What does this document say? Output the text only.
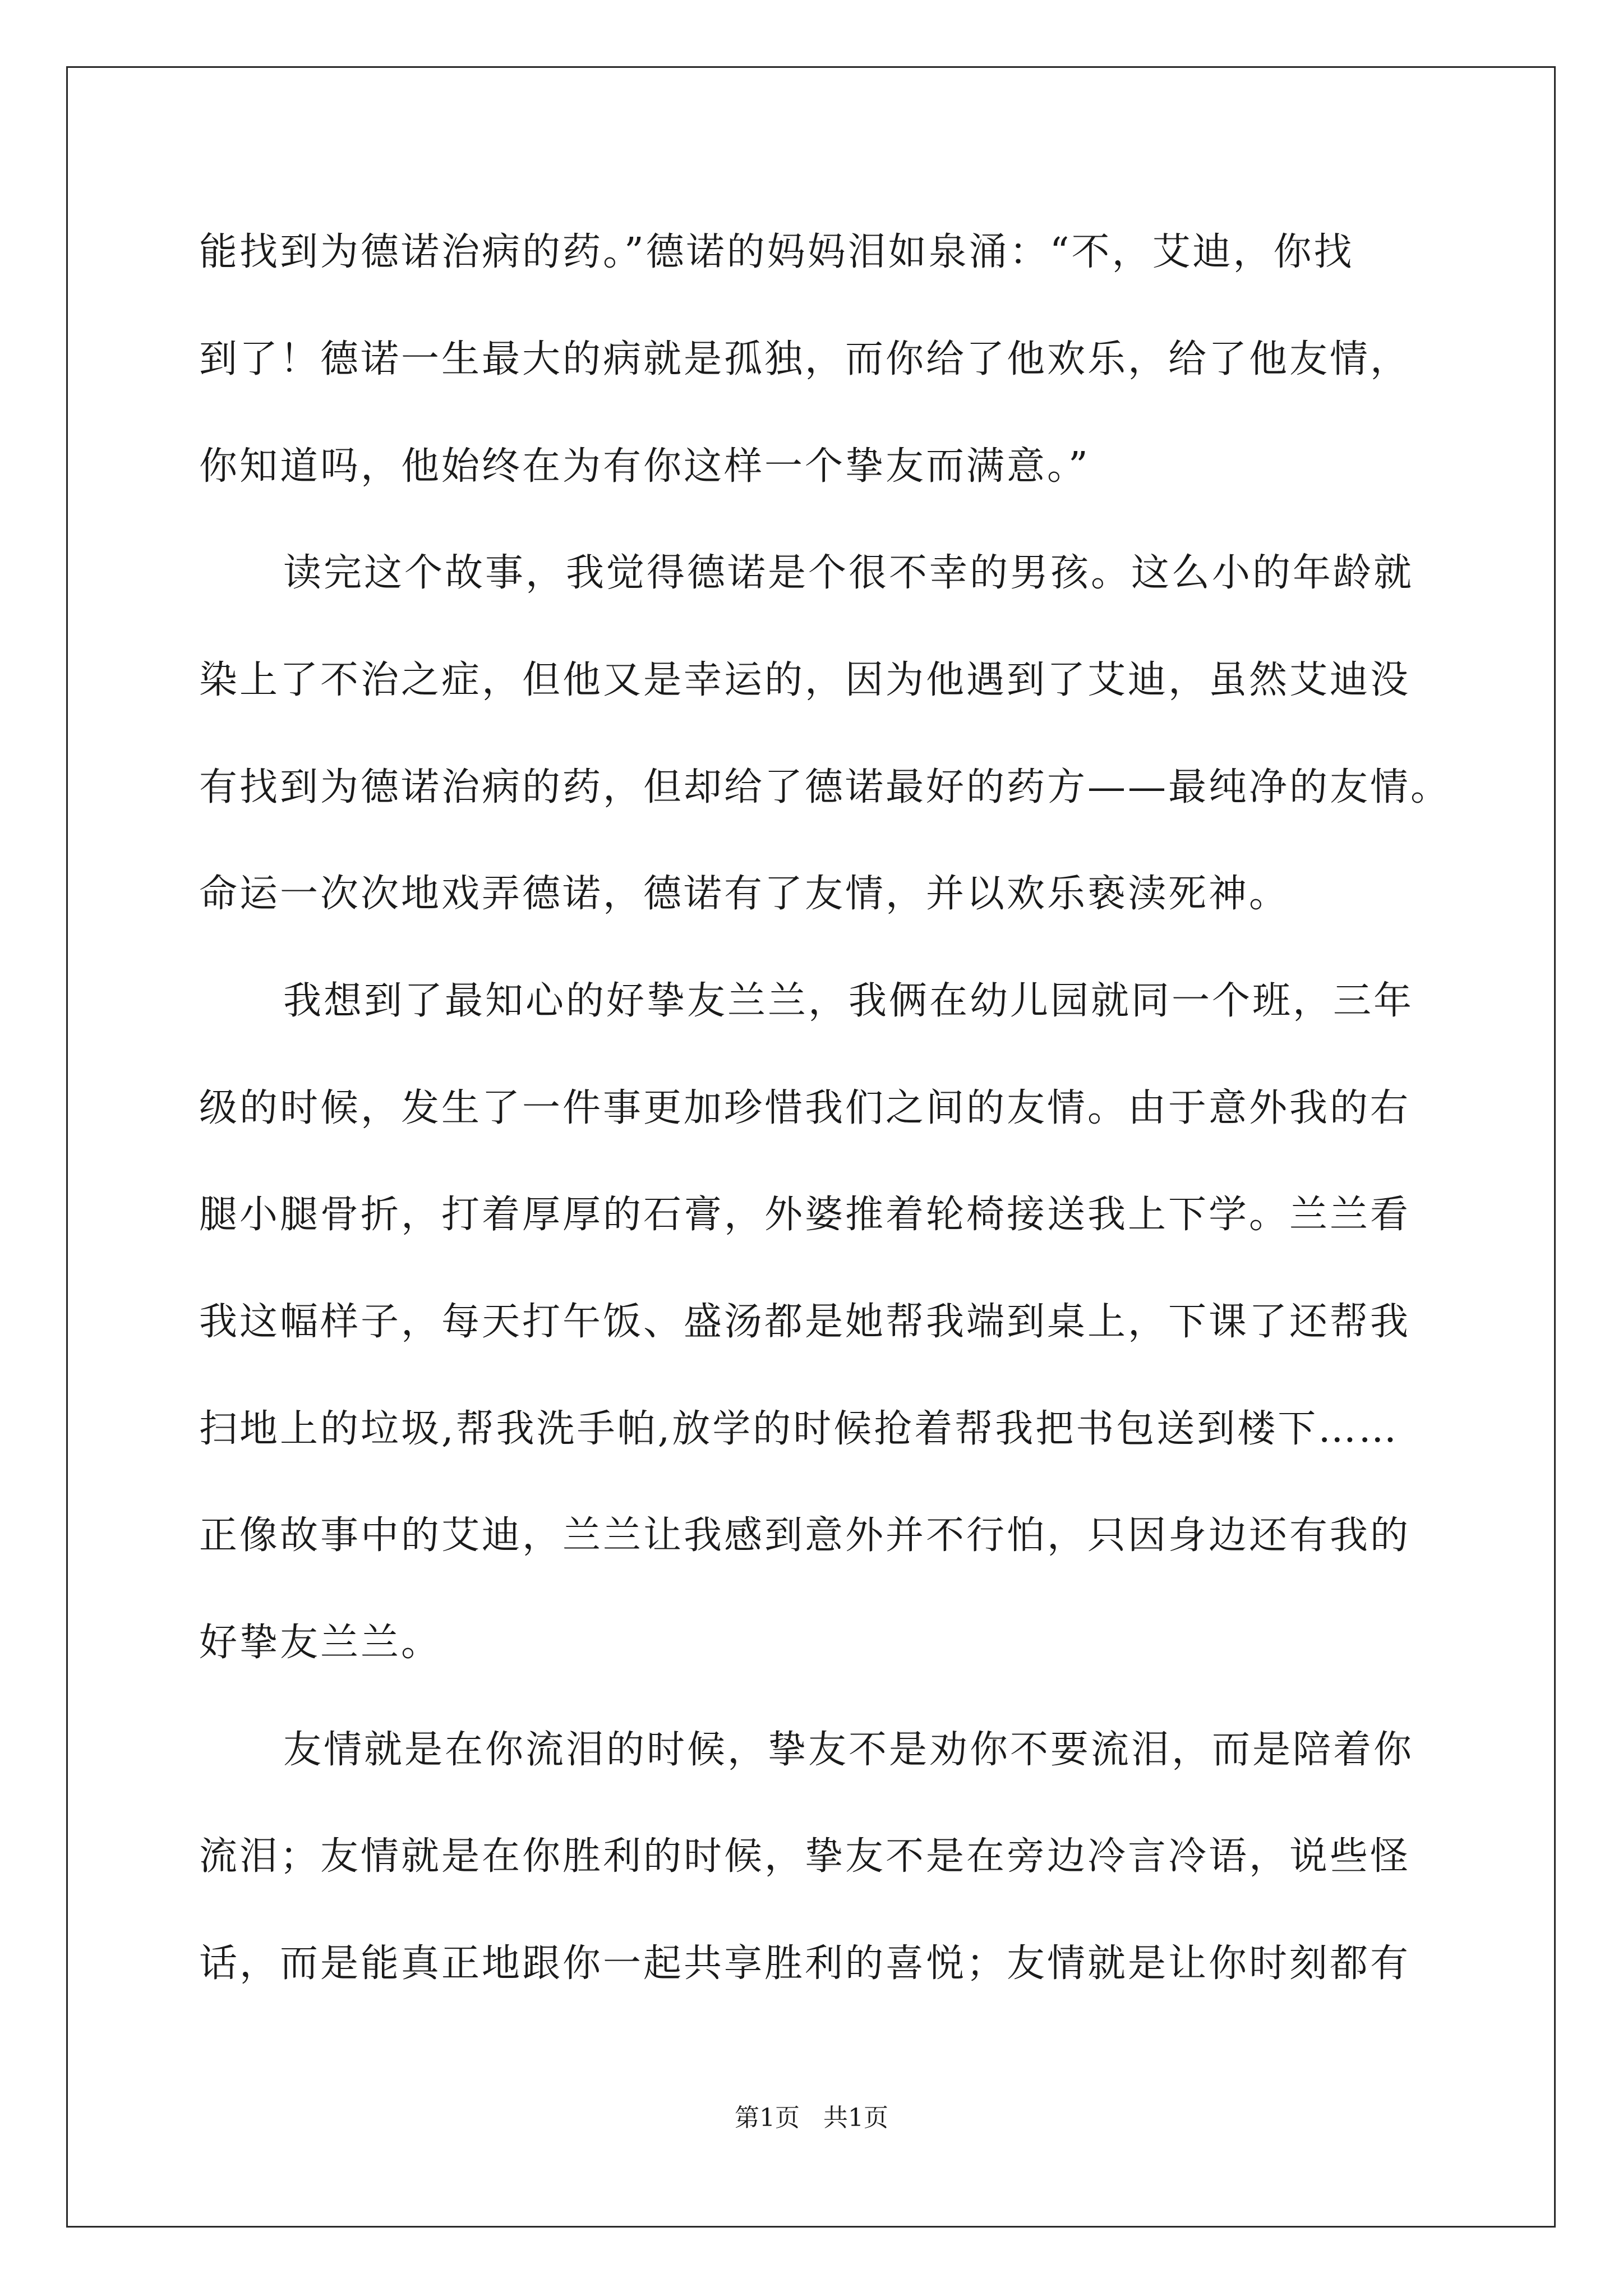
能找到为德诺治病的药。”德诺的妈妈泪如泉涌：“不，艾迪，你找
到了！德诺一生最大的病就是孤独，而你给了他欢乐，给了他友情，
你知道吗，他始终在为有你这样一个挚友而满意。”
读完这个故事，我觉得德诺是个很不幸的男孩。这么小的年龄就
染上了不治之症，但他又是幸运的，因为他遇到了艾迪，虽然艾迪没
有找到为德诺治病的药，但却给了德诺最好的药方——最纯净的友情。
命运一次次地戏弄德诺，德诺有了友情，并以欢乐亵渎死神。
我想到了最知心的好挚友兰兰，我俩在幼儿园就同一个班，三年
级的时候，发生了一件事更加珍惜我们之间的友情。由于意外我的右
腿小腿骨折，打着厚厚的石膏，外婆推着轮椅接送我上下学。兰兰看
我这幅样子，每天打午饭、盛汤都是她帮我端到桌上，下课了还帮我
扫地上的垃圾,帮我洗手帕,放学的时候抢着帮我把书包送到楼下……
正像故事中的艾迪，兰兰让我感到意外并不行怕，只因身边还有我的
好挚友兰兰。
友情就是在你流泪的时候，挚友不是劝你不要流泪，而是陪着你
流泪；友情就是在你胜利的时候，挚友不是在旁边冷言冷语，说些怪
话，而是能真正地跟你一起共享胜利的喜悦；友情就是让你时刻都有
第1页   共1页
